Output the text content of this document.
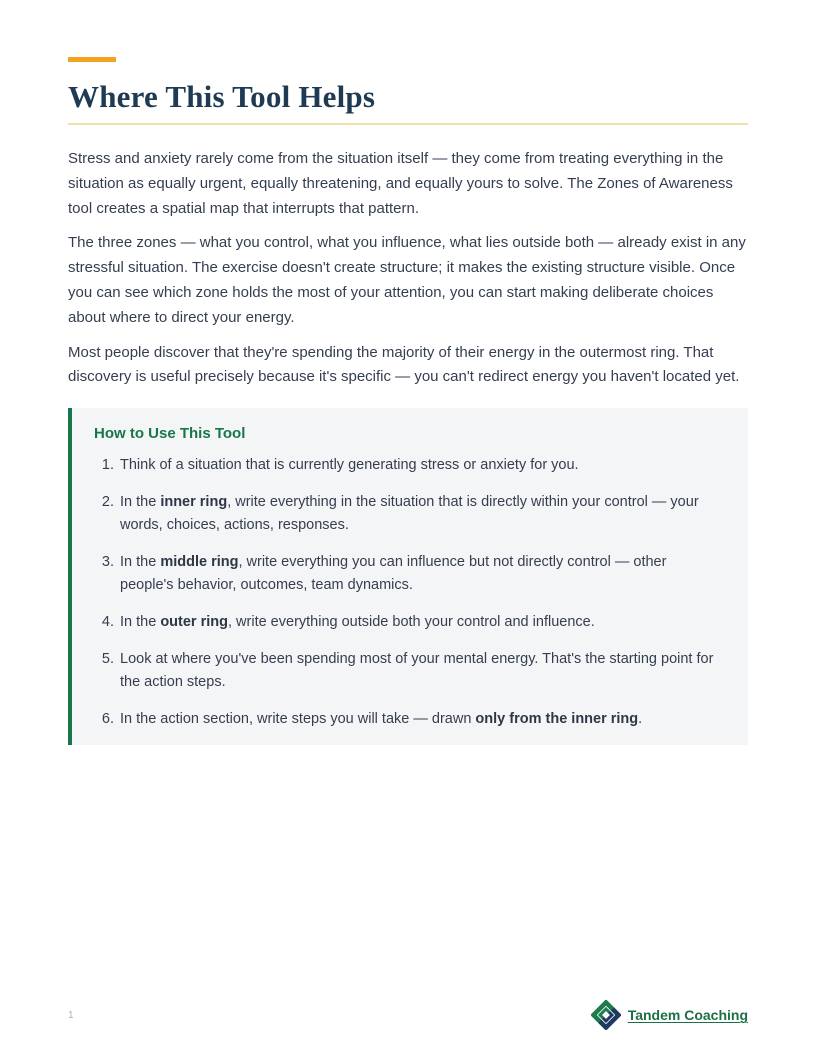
Where This Tool Helps

Stress and anxiety rarely come from the situation itself — they come from treating everything in the situation as equally urgent, equally threatening, and equally yours to solve. The Zones of Awareness tool creates a spatial map that interrupts that pattern.

The three zones — what you control, what you influence, what lies outside both — already exist in any stressful situation. The exercise doesn't create structure; it makes the existing structure visible. Once you can see which zone holds the most of your attention, you can start making deliberate choices about where to direct your energy.

Most people discover that they're spending the majority of their energy in the outermost ring. That discovery is useful precisely because it's specific — you can't redirect energy you haven't located yet.

How to Use This Tool
1. Think of a situation that is currently generating stress or anxiety for you.
2. In the inner ring, write everything in the situation that is directly within your control — your words, choices, actions, responses.
3. In the middle ring, write everything you can influence but not directly control — other people's behavior, outcomes, team dynamics.
4. In the outer ring, write everything outside both your control and influence.
5. Look at where you've been spending most of your mental energy. That's the starting point for the action steps.
6. In the action section, write steps you will take — drawn only from the inner ring.
1	Tandem Coaching
